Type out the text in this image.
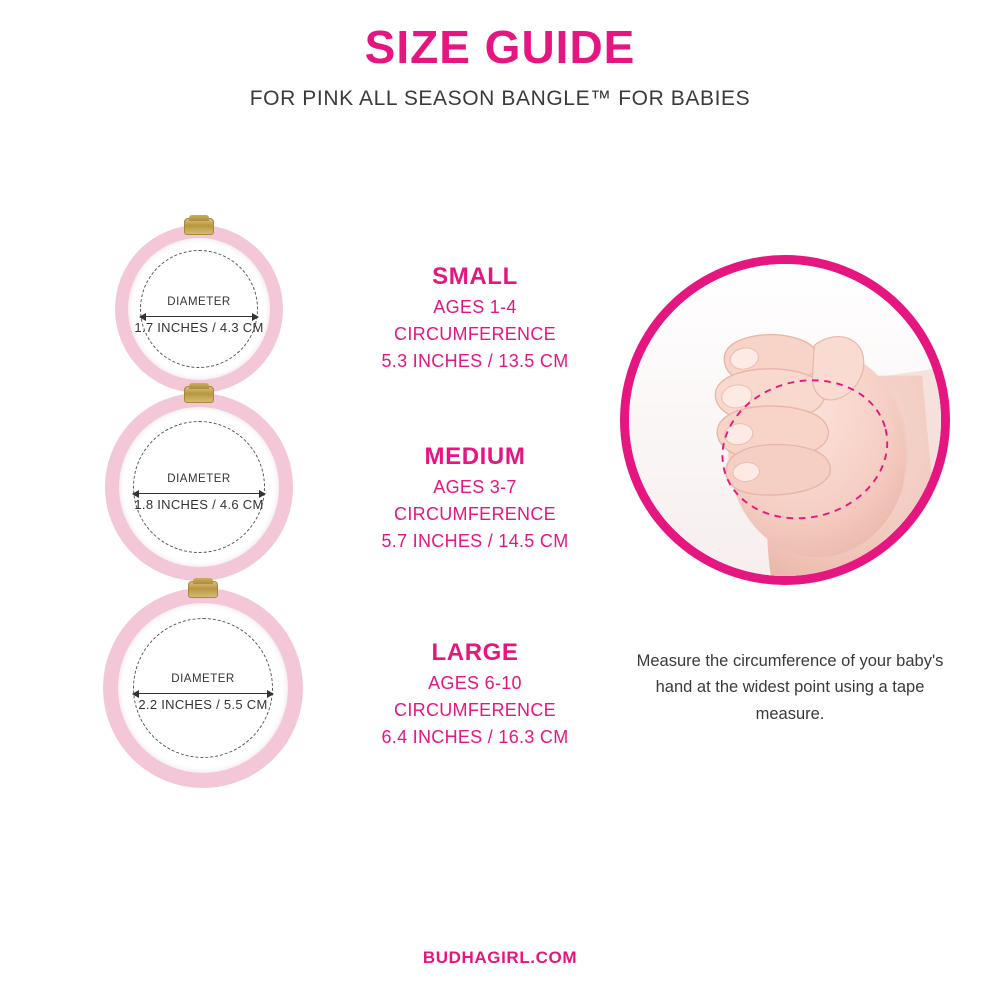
SIZE GUIDE
FOR PINK ALL SEASON BANGLE™ FOR BABIES
DIAMETER
1.7 INCHES / 4.3 CM
DIAMETER
1.8 INCHES / 4.6 CM
DIAMETER
2.2 INCHES / 5.5 CM
SMALL
AGES 1-4
CIRCUMFERENCE
5.3 INCHES / 13.5 CM
MEDIUM
AGES 3-7
CIRCUMFERENCE
5.7 INCHES / 14.5 CM
LARGE
AGES 6-10
CIRCUMFERENCE
6.4 INCHES / 16.3 CM
Measure the circumference of your baby's hand at the widest point using a tape measure.
BUDHAGIRL.COM
